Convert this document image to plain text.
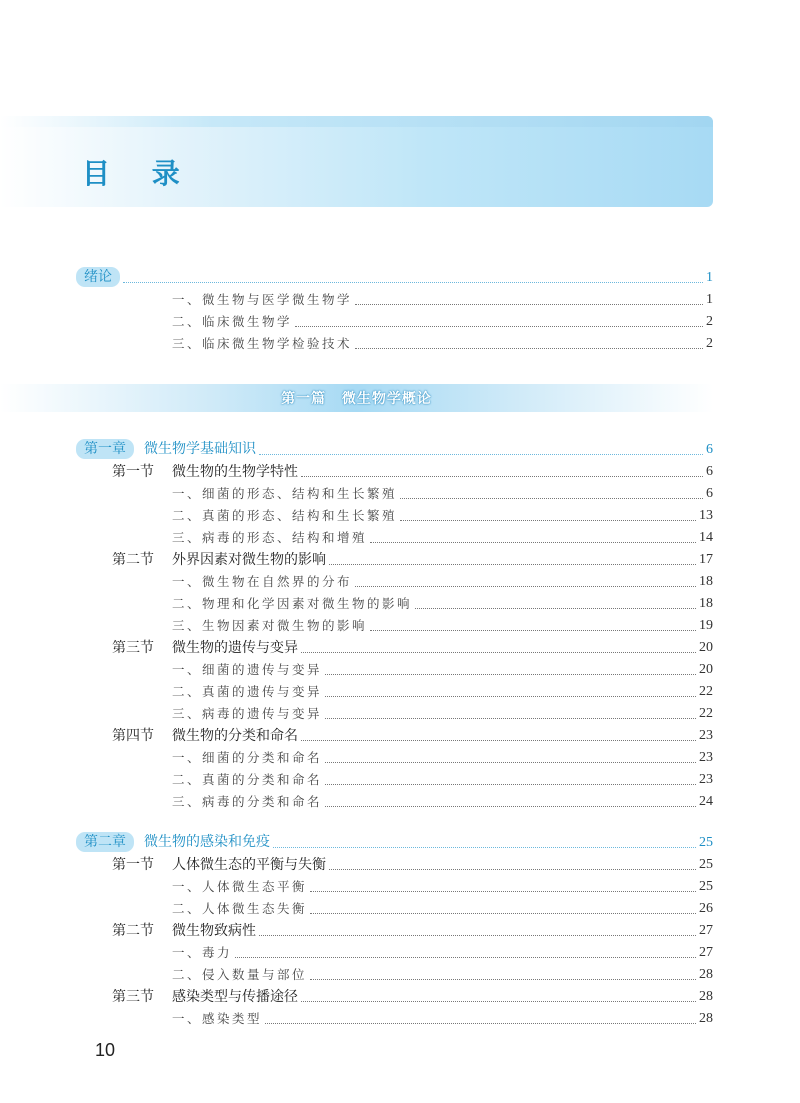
目 录
绪论	1
一、微生物与医学微生物学	1
二、临床微生物学	2
三、临床微生物学检验技术	2
第一篇 微生物学概论
第一章 微生物学基础知识	6
第一节 微生物的生物学特性	6
一、细菌的形态、结构和生长繁殖	6
二、真菌的形态、结构和生长繁殖	13
三、病毒的形态、结构和增殖	14
第二节 外界因素对微生物的影响	17
一、微生物在自然界的分布	18
二、物理和化学因素对微生物的影响	18
三、生物因素对微生物的影响	19
第三节 微生物的遗传与变异	20
一、细菌的遗传与变异	20
二、真菌的遗传与变异	22
三、病毒的遗传与变异	22
第四节 微生物的分类和命名	23
一、细菌的分类和命名	23
二、真菌的分类和命名	23
三、病毒的分类和命名	24
第二章 微生物的感染和免疫	25
第一节 人体微生态的平衡与失衡	25
一、人体微生态平衡	25
二、人体微生态失衡	26
第二节 微生物致病性	27
一、毒力	27
二、侵入数量与部位	28
第三节 感染类型与传播途径	28
一、感染类型	28
10
